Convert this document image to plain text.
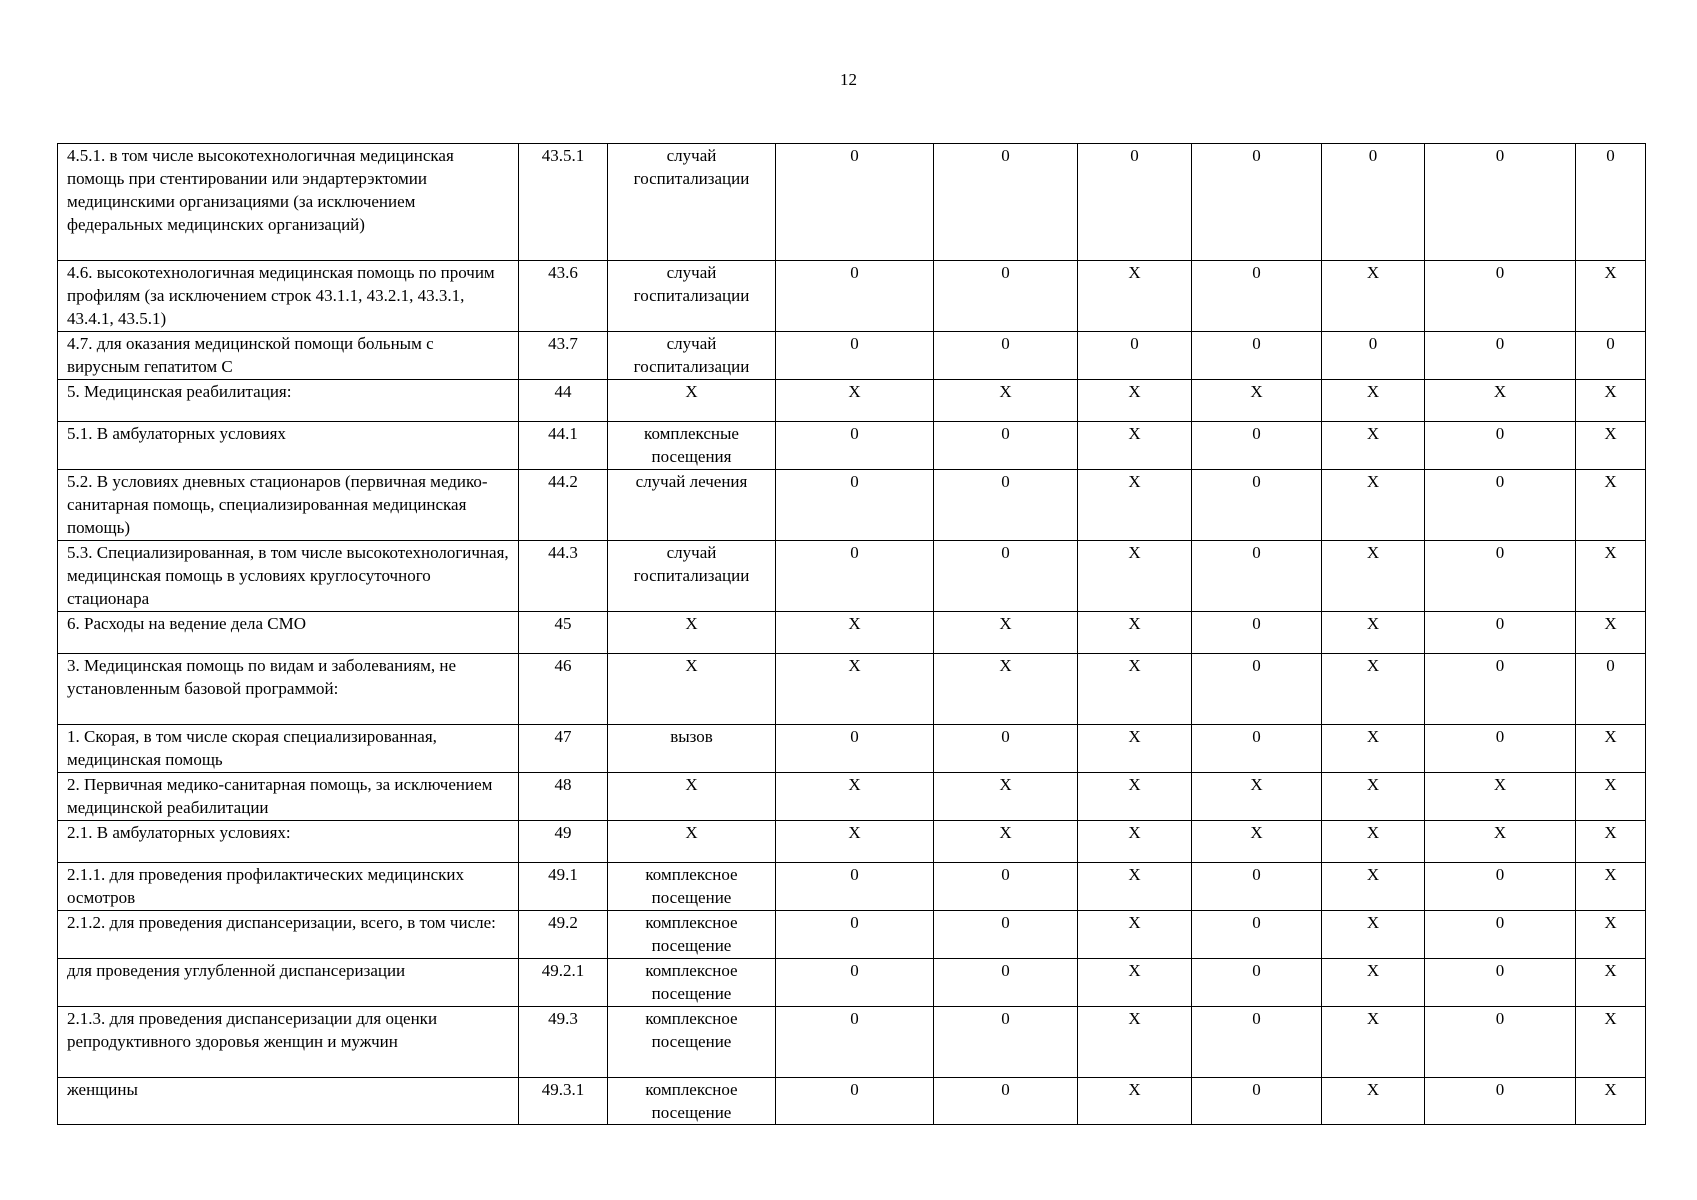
12
4.5.1. в том числе высокотехнологичная медицинская помощь при стентировании или эндартерэктомии медицинскими организациями (за исключением федеральных медицинских организаций)	43.5.1	случай госпитализации	0	0	0	0	0	0	0
4.6. высокотехнологичная медицинская помощь по прочим профилям (за исключением строк 43.1.1, 43.2.1, 43.3.1, 43.4.1, 43.5.1)	43.6	случай госпитализации	0	0	X	0	X	0	X
4.7. для оказания медицинской помощи больным с вирусным гепатитом С	43.7	случай госпитализации	0	0	0	0	0	0	0
5. Медицинская реабилитация:	44	X	X	X	X	X	X	X	X
5.1. В амбулаторных условиях	44.1	комплексные посещения	0	0	X	0	X	0	X
5.2. В условиях дневных стационаров (первичная медико-санитарная помощь, специализированная медицинская помощь)	44.2	случай лечения	0	0	X	0	X	0	X
5.3. Специализированная, в том числе высокотехнологичная, медицинская помощь в условиях круглосуточного стационара	44.3	случай госпитализации	0	0	X	0	X	0	X
6. Расходы на ведение дела СМО	45	X	X	X	X	0	X	0	X
3. Медицинская помощь по видам и заболеваниям, не установленным базовой программой:	46	X	X	X	X	0	X	0	0
1. Скорая, в том числе скорая специализированная, медицинская помощь	47	вызов	0	0	X	0	X	0	X
2. Первичная медико-санитарная помощь, за исключением медицинской реабилитации	48	X	X	X	X	X	X	X	X
2.1. В амбулаторных условиях:	49	X	X	X	X	X	X	X	X
2.1.1. для проведения профилактических медицинских осмотров	49.1	комплексное посещение	0	0	X	0	X	0	X
2.1.2. для проведения диспансеризации, всего, в том числе:	49.2	комплексное посещение	0	0	X	0	X	0	X
для проведения углубленной диспансеризации	49.2.1	комплексное посещение	0	0	X	0	X	0	X
2.1.3. для проведения диспансеризации для оценки репродуктивного здоровья женщин и мужчин	49.3	комплексное посещение	0	0	X	0	X	0	X
женщины	49.3.1	комплексное посещение	0	0	X	0	X	0	X
